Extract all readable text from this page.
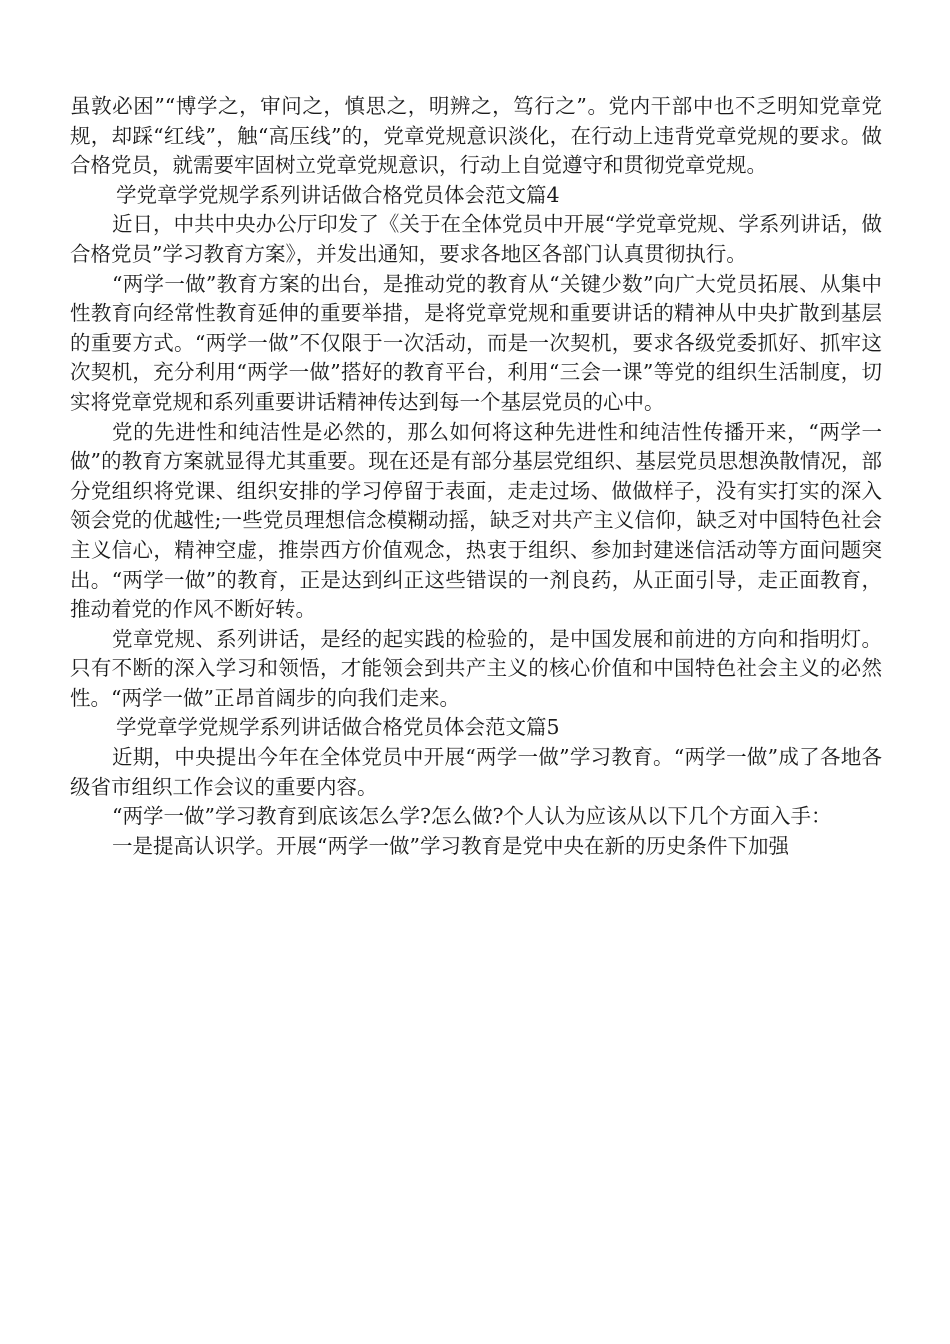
虽敦必困”“博学之，审问之，慎思之，明辨之，笃行之”。党内干部中也不乏明知党章党规，却踩“红线”，触“高压线”的，党章党规意识淡化，在行动上违背党章党规的要求。做合格党员，就需要牢固树立党章党规意识，行动上自觉遵守和贯彻党章党规。

学党章学党规学系列讲话做合格党员体会范文篇4

近日，中共中央办公厅印发了《关于在全体党员中开展“学党章党规、学系列讲话，做合格党员”学习教育方案》，并发出通知，要求各地区各部门认真贯彻执行。

“两学一做”教育方案的出台，是推动党的教育从“关键少数”向广大党员拓展、从集中性教育向经常性教育延伸的重要举措，是将党章党规和重要讲话的精神从中央扩散到基层的重要方式。“两学一做”不仅限于一次活动，而是一次契机，要求各级党委抓好、抓牢这次契机，充分利用“两学一做”搭好的教育平台，利用“三会一课”等党的组织生活制度，切实将党章党规和系列重要讲话精神传达到每一个基层党员的心中。

党的先进性和纯洁性是必然的，那么如何将这种先进性和纯洁性传播开来，“两学一做”的教育方案就显得尤其重要。现在还是有部分基层党组织、基层党员思想涣散情况，部分党组织将党课、组织安排的学习停留于表面，走走过场、做做样子，没有实打实的深入领会党的优越性;一些党员理想信念模糊动摇，缺乏对共产主义信仰，缺乏对中国特色社会主义信心，精神空虚，推崇西方价值观念，热衷于组织、参加封建迷信活动等方面问题突出。“两学一做”的教育，正是达到纠正这些错误的一剂良药，从正面引导，走正面教育，推动着党的作风不断好转。

党章党规、系列讲话，是经的起实践的检验的，是中国发展和前进的方向和指明灯。只有不断的深入学习和领悟，才能领会到共产主义的核心价值和中国特色社会主义的必然性。“两学一做”正昂首阔步的向我们走来。

学党章学党规学系列讲话做合格党员体会范文篇5

近期，中央提出今年在全体党员中开展“两学一做”学习教育。“两学一做”成了各地各级省市组织工作会议的重要内容。

“两学一做”学习教育到底该怎么学?怎么做?个人认为应该从以下几个方面入手：

一是提高认识学。开展“两学一做”学习教育是党中央在新的历史条件下加强
